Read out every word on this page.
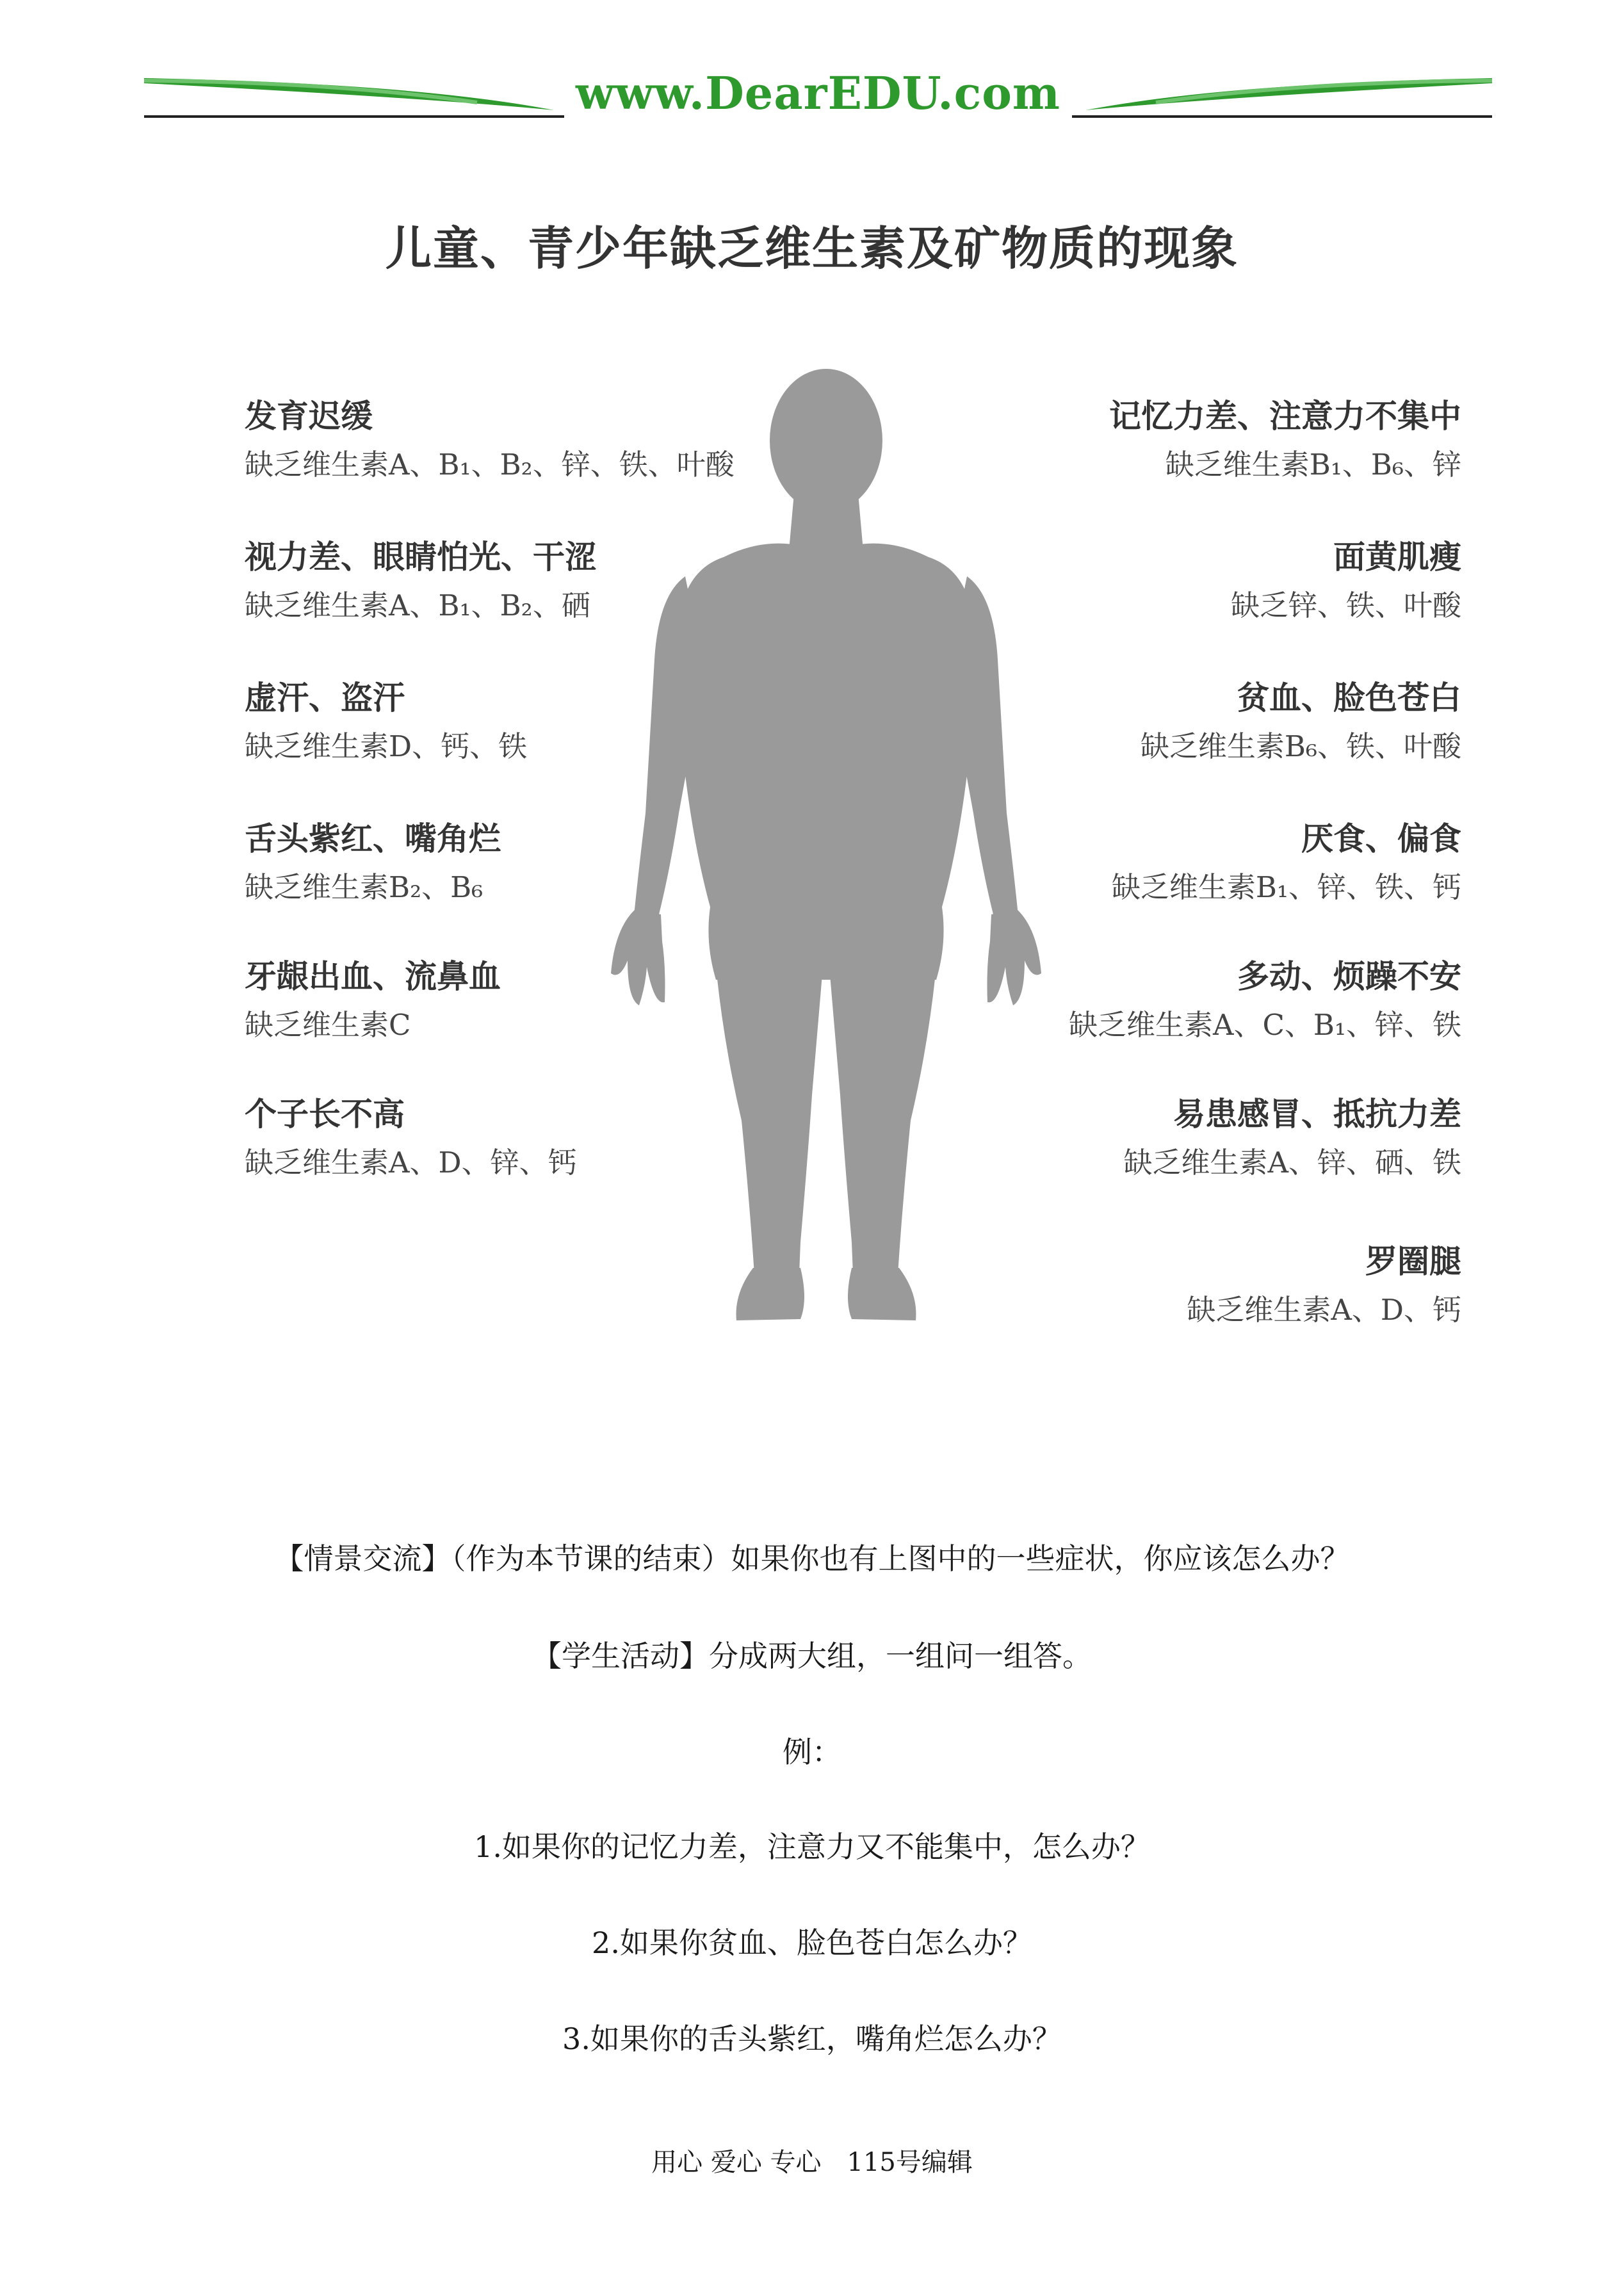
www.DearEDU.com
儿童、青少年缺乏维生素及矿物质的现象
发育迟缓
缺乏维生素A、B₁、B₂、锌、铁、叶酸
视力差、眼睛怕光、干涩
缺乏维生素A、B₁、B₂、硒
虚汗、盗汗
缺乏维生素D、钙、铁
舌头紫红、嘴角烂
缺乏维生素B₂、B₆
牙龈出血、流鼻血
缺乏维生素C
个子长不高
缺乏维生素A、D、锌、钙
记忆力差、注意力不集中
缺乏维生素B₁、B₆、锌
面黄肌瘦
缺乏锌、铁、叶酸
贫血、脸色苍白
缺乏维生素B₆、铁、叶酸
厌食、偏食
缺乏维生素B₁、锌、铁、钙
多动、烦躁不安
缺乏维生素A、C、B₁、锌、铁
易患感冒、抵抗力差
缺乏维生素A、锌、硒、铁
罗圈腿
缺乏维生素A、D、钙
【情景交流】（作为本节课的结束）如果你也有上图中的一些症状，你应该怎么办？
【学生活动】分成两大组，一组问一组答。
例：
1.如果你的记忆力差，注意力又不能集中，怎么办？
2.如果你贫血、脸色苍白怎么办？
3.如果你的舌头紫红，嘴角烂怎么办？
用心 爱心 专心　115号编辑
